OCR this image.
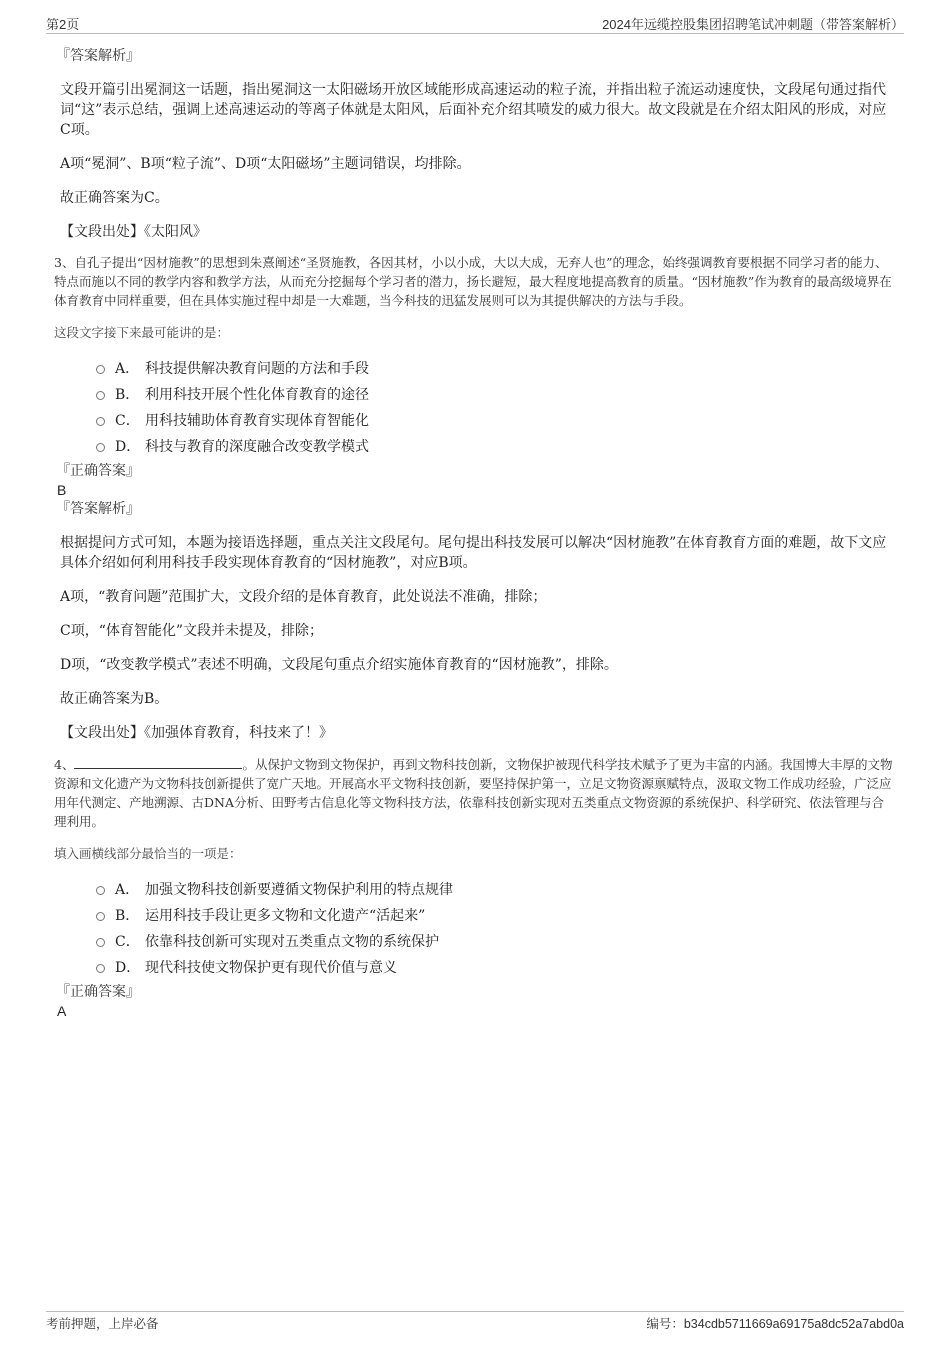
第2页	2024年远缆控股集团招聘笔试冲刺题（带答案解析）
『答案解析』
文段开篇引出冕洞这一话题，指出冕洞这一太阳磁场开放区域能形成高速运动的粒子流，并指出粒子流运动速度快，文段尾句通过指代词“这”表示总结，强调上述高速运动的等离子体就是太阳风，后面补充介绍其喷发的威力很大。故文段就是在介绍太阳风的形成，对应C项。
A项“冕洞”、B项“粒子流”、D项“太阳磁场”主题词错误，均排除。
故正确答案为C。
【文段出处】《太阳风》
3、自孔子提出“因材施教”的思想到朱熹阐述“圣贤施教，各因其材，小以小成，大以大成，无弃人也”的理念，始终强调教育要根据不同学习者的能力、特点而施以不同的教学内容和教学方法，从而充分挖掘每个学习者的潜力，扬长避短，最大程度地提高教育的质量。“因材施教”作为教育的最高级境界在体育教育中同样重要，但在具体实施过程中却是一大难题，当今科技的迅猛发展则可以为其提供解决的方法与手段。
这段文字接下来最可能讲的是：
A． 科技提供解决教育问题的方法和手段
B． 利用科技开展个性化体育教育的途径
C． 用科技辅助体育教育实现体育智能化
D． 科技与教育的深度融合改变教学模式
『正确答案』
B
『答案解析』
根据提问方式可知，本题为接语选择题，重点关注文段尾句。尾句提出科技发展可以解决“因材施教”在体育教育方面的难题，故下文应具体介绍如何利用科技手段实现体育教育的“因材施教”，对应B项。
A项，“教育问题”范围扩大，文段介绍的是体育教育，此处说法不准确，排除；
C项，“体育智能化”文段并未提及，排除；
D项，“改变教学模式”表述不明确，文段尾句重点介绍实施体育教育的“因材施教”，排除。
故正确答案为B。
【文段出处】《加强体育教育，科技来了！》
4、	。从保护文物到文物保护，再到文物科技创新，文物保护被现代科学技术赋予了更为丰富的内涵。我国博大丰厚的文物资源和文化遗产为文物科技创新提供了宽广天地。开展高水平文物科技创新，要坚持保护第一，立足文物资源禀赋特点，汲取文物工作成功经验，广泛应用年代测定、产地溯源、古DNA分析、田野考古信息化等文物科技方法，依靠科技创新实现对五类重点文物资源的系统保护、科学研究、依法管理与合理利用。
填入画横线部分最恰当的一项是：
A． 加强文物科技创新要遵循文物保护利用的特点规律
B． 运用科技手段让更多文物和文化遗产“活起来”
C． 依靠科技创新可实现对五类重点文物的系统保护
D． 现代科技使文物保护更有现代价值与意义
『正确答案』
A
考前押题，上岸必备	编号：b34cdb5711669a69175a8dc52a7abd0a
